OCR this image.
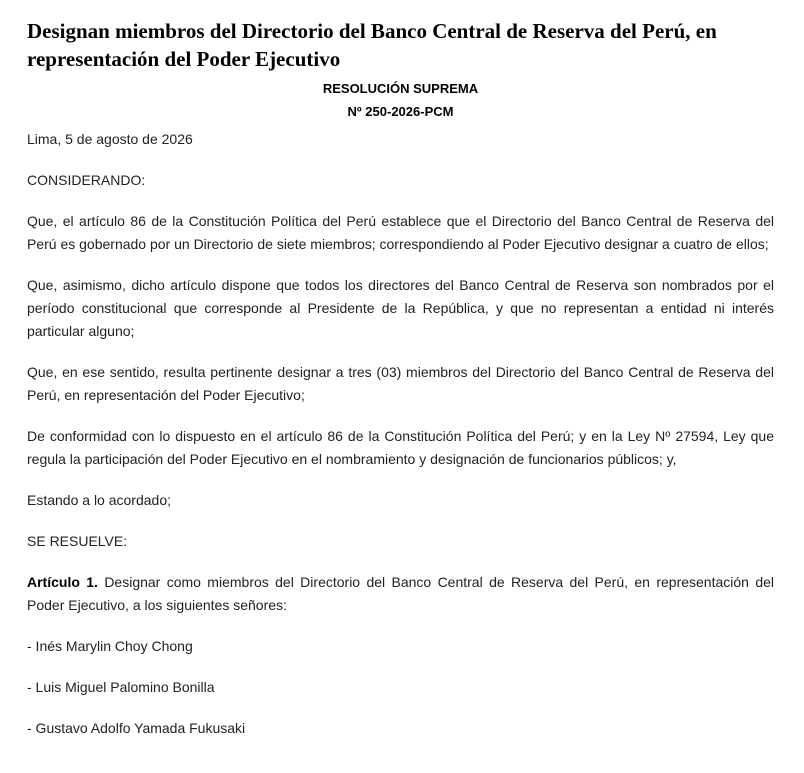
Designan miembros del Directorio del Banco Central de Reserva del Perú, en representación del Poder Ejecutivo

RESOLUCIÓN SUPREMA

Nº 250-2026-PCM

Lima, 5 de agosto de 2026

CONSIDERANDO:

Que, el artículo 86 de la Constitución Política del Perú establece que el Directorio del Banco Central de Reserva del Perú es gobernado por un Directorio de siete miembros; correspondiendo al Poder Ejecutivo designar a cuatro de ellos;

Que, asimismo, dicho artículo dispone que todos los directores del Banco Central de Reserva son nombrados por el período constitucional que corresponde al Presidente de la República, y que no representan a entidad ni interés particular alguno;

Que, en ese sentido, resulta pertinente designar a tres (03) miembros del Directorio del Banco Central de Reserva del Perú, en representación del Poder Ejecutivo;

De conformidad con lo dispuesto en el artículo 86 de la Constitución Política del Perú; y en la Ley Nº 27594, Ley que regula la participación del Poder Ejecutivo en el nombramiento y designación de funcionarios públicos; y,

Estando a lo acordado;

SE RESUELVE:

Artículo 1. Designar como miembros del Directorio del Banco Central de Reserva del Perú, en representación del Poder Ejecutivo, a los siguientes señores:

- Inés Marylin Choy Chong

- Luis Miguel Palomino Bonilla

- Gustavo Adolfo Yamada Fukusaki
